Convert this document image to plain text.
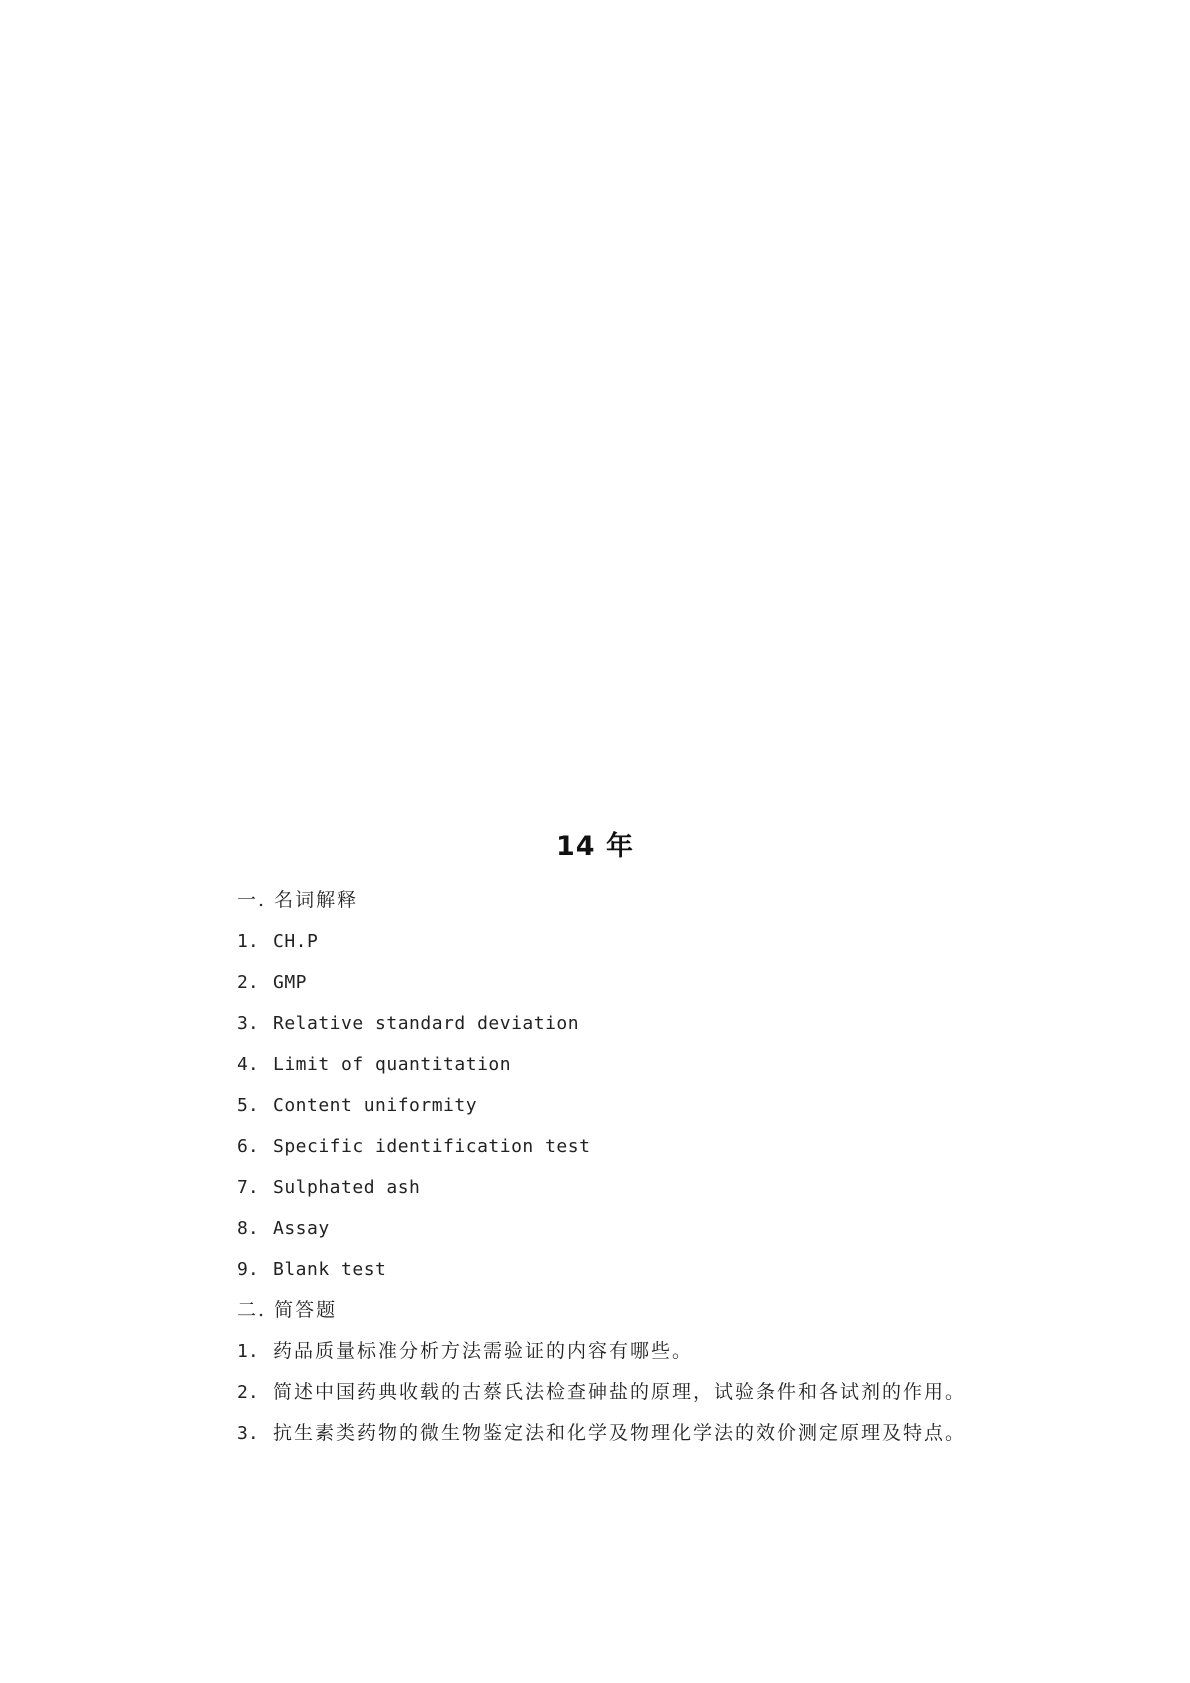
14 年
一. 名词解释
1. CH.P
2. GMP
3. Relative standard deviation
4. Limit of quantitation
5. Content uniformity
6. Specific identification test
7. Sulphated ash
8. Assay
9. Blank test
二. 简答题
1. 药品质量标准分析方法需验证的内容有哪些。
2. 简述中国药典收载的古蔡氏法检查砷盐的原理，试验条件和各试剂的作用。
3. 抗生素类药物的微生物鉴定法和化学及物理化学法的效价测定原理及特点。
